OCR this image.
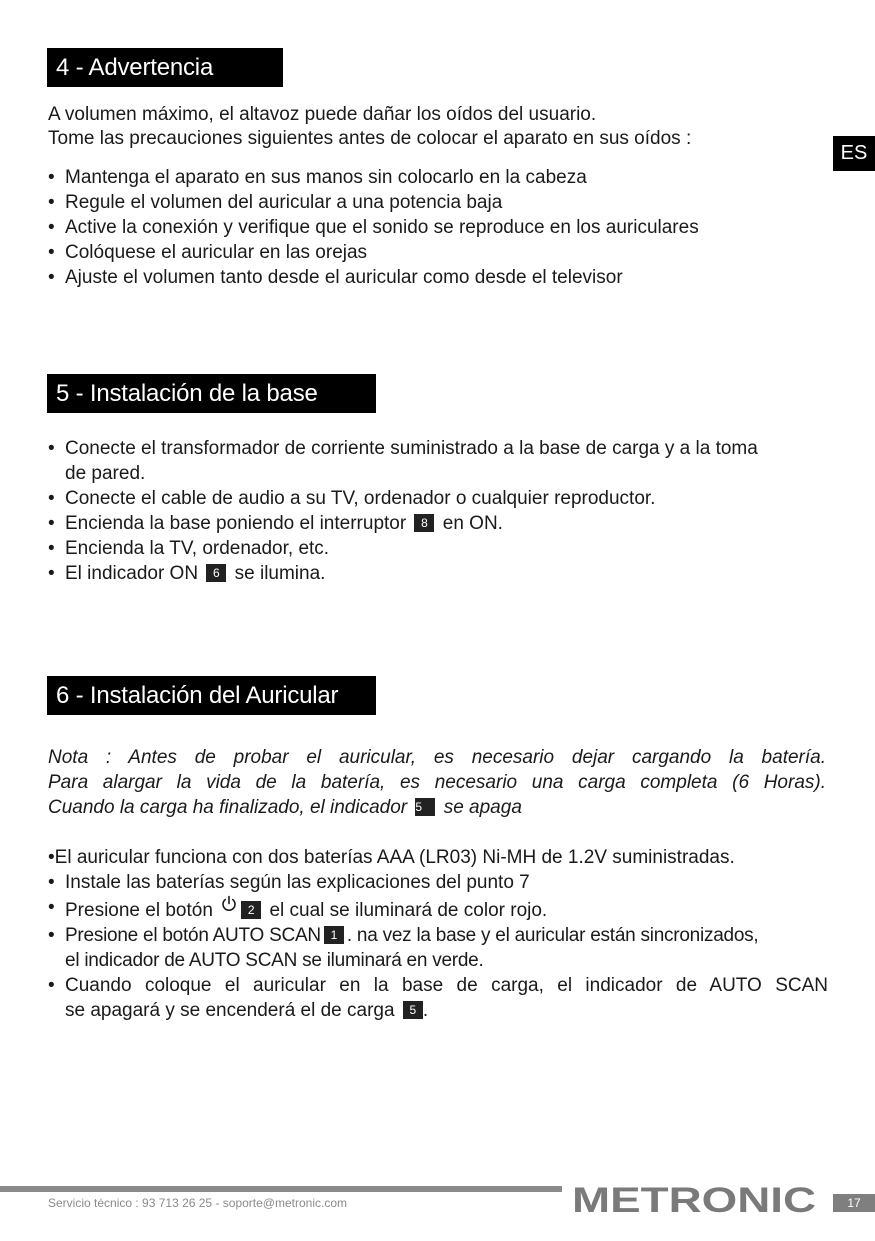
ES
4 - Advertencia

A volumen máximo, el altavoz puede dañar los oídos del usuario.
Tome las precauciones siguientes antes de colocar el aparato en sus oídos :

• Mantenga el aparato en sus manos sin colocarlo en la cabeza
• Regule el volumen del auricular a una potencia baja
• Active la conexión y verifique que el sonido se reproduce en los auriculares
• Colóquese el auricular en las orejas
• Ajuste el volumen tanto desde el auricular como desde el televisor
5 - Instalación de la base
• Conecte el transformador de corriente suministrado a la base de carga y a la toma
de pared.
• Conecte el cable de audio a su TV, ordenador o cualquier reproductor.
• Encienda la base poniendo el interruptor 8 en ON.
• Encienda la TV, ordenador, etc.
• El indicador ON 6 se ilumina.
6 - Instalación del Auricular

Nota : Antes de probar el auricular, es necesario dejar cargando la batería.
Para alargar la vida de la batería, es necesario una carga completa (6 Horas).
Cuando la carga ha finalizado, el indicador 5 se apaga

•El auricular funciona con dos baterías AAA (LR03) Ni-MH de 1.2V suministradas.

• Instale las baterías según las explicaciones del punto 7
• Presione el botón	2 el cual se iluminará de color rojo.
• Presione el botón AUTO SCAN 1 . na vez la base y el auricular están sincronizados,
el indicador de AUTO SCAN se iluminará en verde.
• Cuando coloque el auricular en la base de carga, el indicador de AUTO SCAN
se apagará y se encenderá el de carga 5 .
Servicio técnico : 93 713 26 25 - soporte@metronic.com	METRONIC	17
